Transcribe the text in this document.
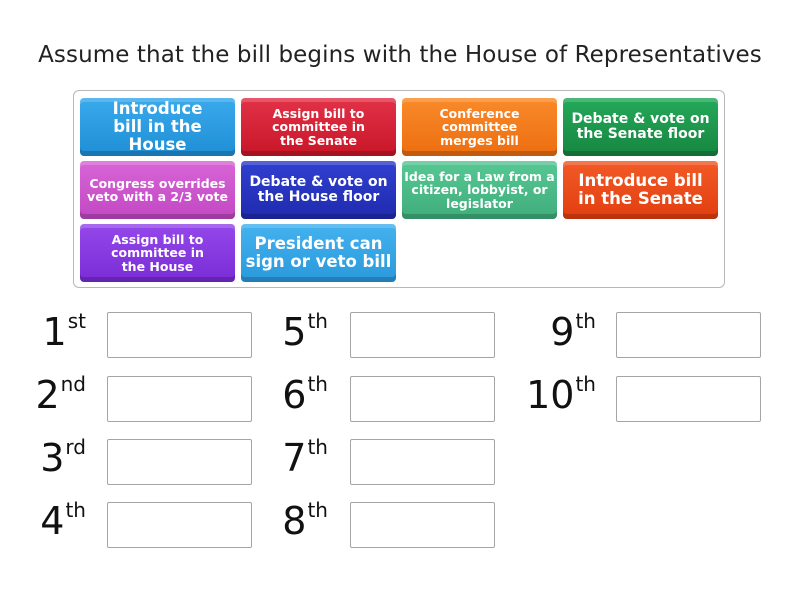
Assume that the bill begins with the House of Representatives
Introduce bill in the House
Assign bill to committee in the Senate
Conference committee merges bill
Debate & vote on the Senate floor
Congress overrides veto with a 2/3 vote
Debate & vote on the House floor
Idea for a Law from a citizen, lobbyist, or legislator
Introduce bill in the Senate
Assign bill to committee in the House
President can sign or veto bill
1st
2nd
3rd
4th
5th
6th
7th
8th
9th
10th
